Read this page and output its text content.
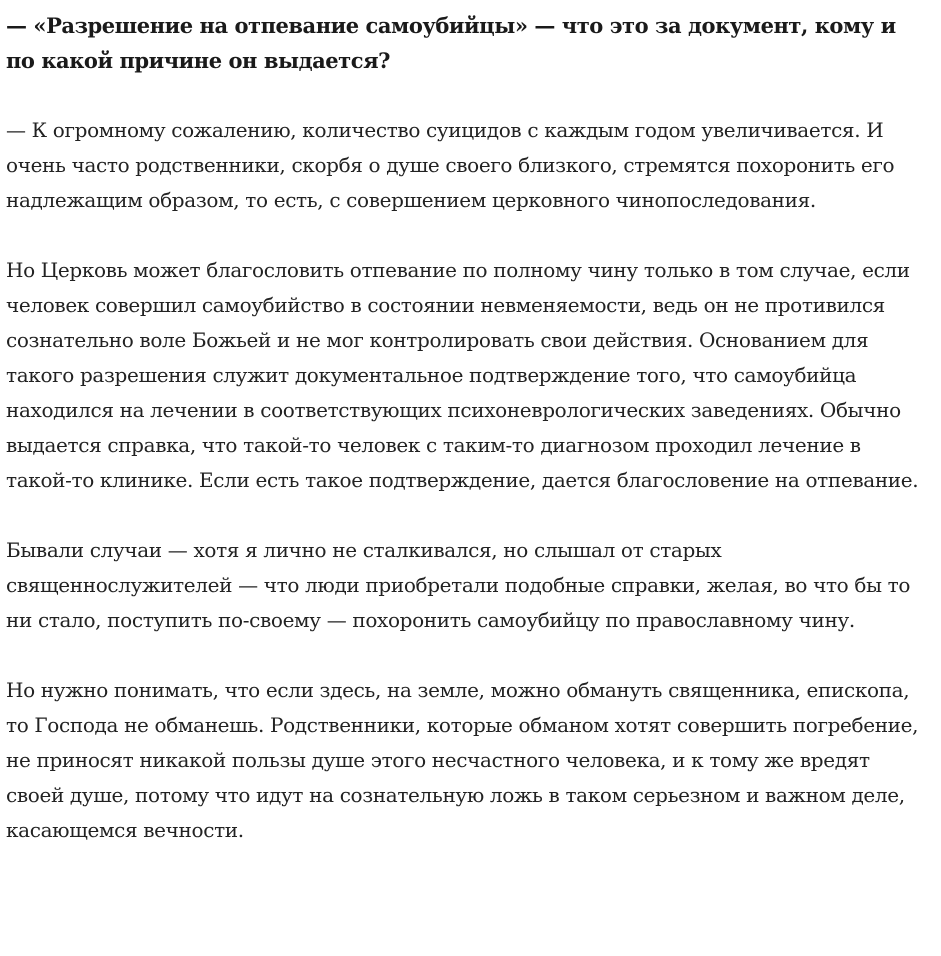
— «Разрешение на отпевание самоубийцы» — что это за документ, кому и по какой причине он выдается?

— К огромному сожалению, количество суицидов с каждым годом увеличивается. И очень часто родственники, скорбя о душе своего близкого, стремятся похоронить его надлежащим образом, то есть, с совершением церковного чинопоследования.

Но Церковь может благословить отпевание по полному чину только в том случае, если человек совершил самоубийство в состоянии невменяемости, ведь он не противился сознательно воле Божьей и не мог контролировать свои действия. Основанием для такого разрешения служит документальное подтверждение того, что самоубийца находился на лечении в соответствующих психоневрологических заведениях. Обычно выдается справка, что такой-то человек с таким-то диагнозом проходил лечение в такой-то клинике. Если есть такое подтверждение, дается благословение на отпевание.

Бывали случаи — хотя я лично не сталкивался, но слышал от старых священнослужителей — что люди приобретали подобные справки, желая, во что бы то ни стало, поступить по-своему — похоронить самоубийцу по православному чину.

Но нужно понимать, что если здесь, на земле, можно обмануть священника, епископа, то Господа не обманешь. Родственники, которые обманом хотят совершить погребение, не приносят никакой пользы душе этого несчастного человека, и к тому же вредят своей душе, потому что идут на сознательную ложь в таком серьезном и важном деле, касающемся вечности.
